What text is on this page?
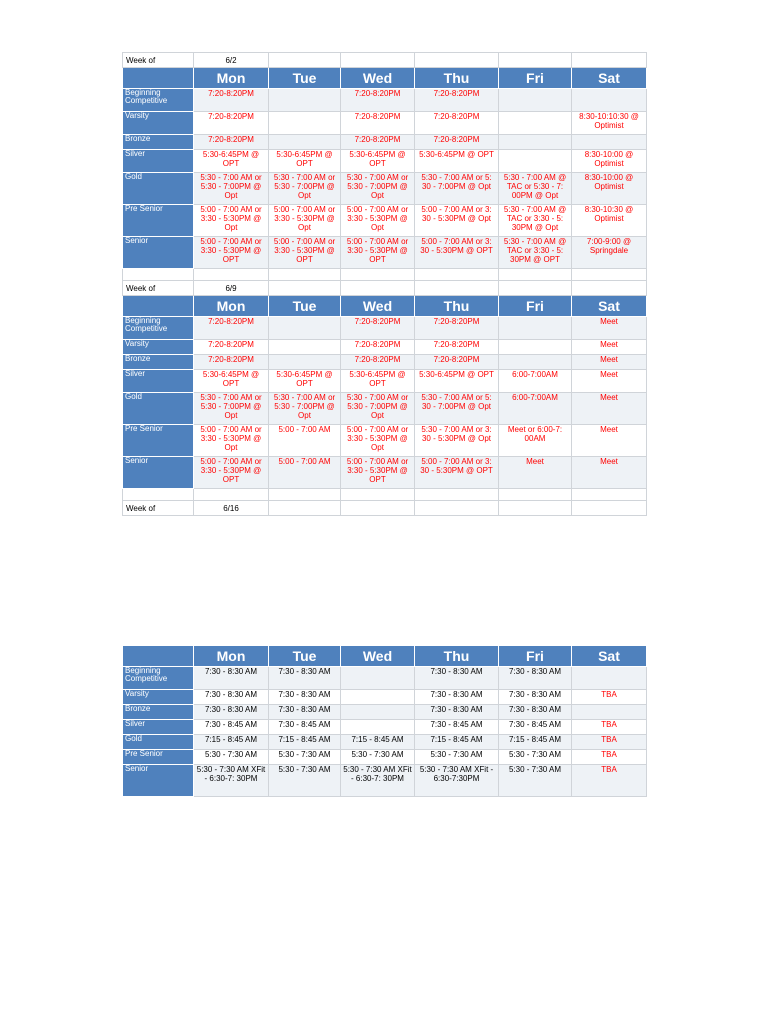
Week of	6/2					
	Mon	Tue	Wed	Thu	Fri	Sat
Beginning Competitive	7:20-8:20PM		7:20-8:20PM	7:20-8:20PM		
Varsity	7:20-8:20PM		7:20-8:20PM	7:20-8:20PM		8:30-10:10:30 @ Optimist
Bronze	7:20-8:20PM		7:20-8:20PM	7:20-8:20PM		
Silver	5:30-6:45PM @ OPT	5:30-6:45PM @ OPT	5:30-6:45PM @ OPT	5:30-6:45PM @ OPT		8:30-10:00 @ Optimist
Gold	5:30 - 7:00 AM or 5:30 - 7:00PM @ Opt	5:30 - 7:00 AM or 5:30 - 7:00PM @ Opt	5:30 - 7:00 AM or 5:30 - 7:00PM @ Opt	5:30 - 7:00 AM or 5: 30 - 7:00PM @ Opt	5:30 - 7:00 AM @ TAC or 5:30 - 7: 00PM @ Opt	8:30-10:00 @ Optimist
Pre Senior	5:00 - 7:00 AM or 3:30 - 5:30PM @ Opt	5:00 - 7:00 AM or 3:30 - 5:30PM @ Opt	5:00 - 7:00 AM or 3:30 - 5:30PM @ Opt	5:00 - 7:00 AM or 3: 30 - 5:30PM @ Opt	5:30 - 7:00 AM @ TAC or 3:30 - 5: 30PM @ Opt	8:30-10:30 @ Optimist
Senior	5:00 - 7:00 AM or 3:30 - 5:30PM @ OPT	5:00 - 7:00 AM or 3:30 - 5:30PM @ OPT	5:00 - 7:00 AM or 3:30 - 5:30PM @ OPT	5:00 - 7:00 AM or 3: 30 - 5:30PM @ OPT	5:30 - 7:00 AM @ TAC or 3:30 - 5: 30PM @ OPT	7:00-9:00 @ Springdale

Week of	6/9					
	Mon	Tue	Wed	Thu	Fri	Sat
Beginning Competitive	7:20-8:20PM		7:20-8:20PM	7:20-8:20PM		Meet
Varsity	7:20-8:20PM		7:20-8:20PM	7:20-8:20PM		Meet
Bronze	7:20-8:20PM		7:20-8:20PM	7:20-8:20PM		Meet
Silver	5:30-6:45PM @ OPT	5:30-6:45PM @ OPT	5:30-6:45PM @ OPT	5:30-6:45PM @ OPT	6:00-7:00AM	Meet
Gold	5:30 - 7:00 AM or 5:30 - 7:00PM @ Opt	5:30 - 7:00 AM or 5:30 - 7:00PM @ Opt	5:30 - 7:00 AM or 5:30 - 7:00PM @ Opt	5:30 - 7:00 AM or 5: 30 - 7:00PM @ Opt	6:00-7:00AM	Meet
Pre Senior	5:00 - 7:00 AM or 3:30 - 5:30PM @ Opt	5:00 - 7:00 AM	5:00 - 7:00 AM or 3:30 - 5:30PM @ Opt	5:30 - 7:00 AM or 3: 30 - 5:30PM @ Opt	Meet or 6:00-7: 00AM	Meet
Senior	5:00 - 7:00 AM or 3:30 - 5:30PM @ OPT	5:00 - 7:00 AM	5:00 - 7:00 AM or 3:30 - 5:30PM @ OPT	5:00 - 7:00 AM or 3: 30 - 5:30PM @ OPT	Meet	Meet

Week of	6/16					
	Mon	Tue	Wed	Thu	Fri	Sat
Beginning Competitive	7:30 - 8:30 AM	7:30 - 8:30 AM		7:30 - 8:30 AM	7:30 - 8:30 AM	
Varsity	7:30 - 8:30 AM	7:30 - 8:30 AM		7:30 - 8:30 AM	7:30 - 8:30 AM	TBA
Bronze	7:30 - 8:30 AM	7:30 - 8:30 AM		7:30 - 8:30 AM	7:30 - 8:30 AM	
Silver	7:30 - 8:45 AM	7:30 - 8:45 AM		7:30 - 8:45 AM	7:30 - 8:45 AM	TBA
Gold	7:15 - 8:45 AM	7:15 - 8:45 AM	7:15 - 8:45 AM	7:15 - 8:45 AM	7:15 - 8:45 AM	TBA
Pre Senior	5:30 - 7:30 AM	5:30 - 7:30 AM	5:30 - 7:30 AM	5:30 - 7:30 AM	5:30 - 7:30 AM	TBA
Senior	5:30 - 7:30 AM XFit - 6:30-7: 30PM	5:30 - 7:30 AM	5:30 - 7:30 AM XFit - 6:30-7: 30PM	5:30 - 7:30 AM XFit - 6:30-7:30PM	5:30 - 7:30 AM	TBA
